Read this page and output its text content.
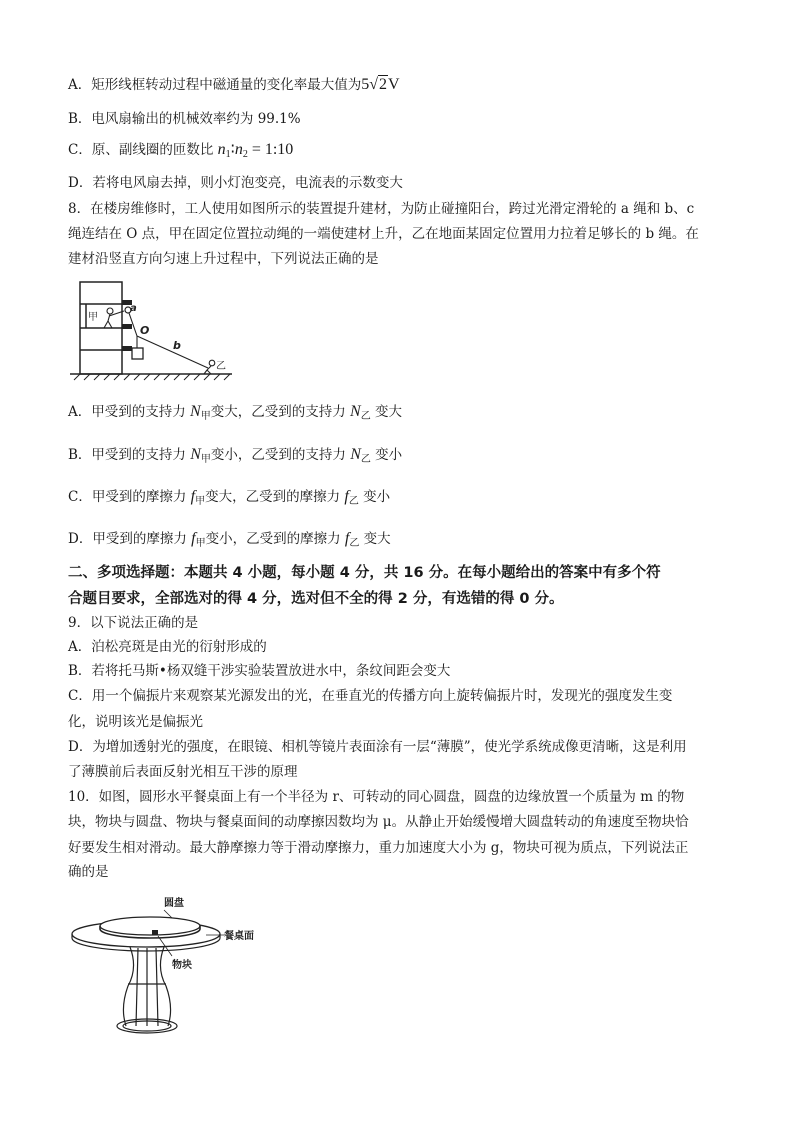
A．矩形线框转动过程中磁通量的变化率最大值为5√2V
B．电风扇输出的机械效率约为 99.1%
C．原、副线圈的匝数比 $n_1∶n_2$ = 1:10
D．若将电风扇去掉，则小灯泡变亮，电流表的示数变大
8．在楼房维修时，工人使用如图所示的装置提升建材，为防止碰撞阳台，跨过光滑定滑轮的 a 绳和 b、c
绳连结在 O 点，甲在固定位置拉动绳的一端使建材上升，乙在地面某固定位置用力拉着足够长的 b 绳。在
建材沿竖直方向匀速上升过程中，下列说法正确的是
甲
a
O
b
乙
A．甲受到的支持力 $N_甲$变大，乙受到的支持力 $N_乙$ 变大
B．甲受到的支持力 $N_甲$变小，乙受到的支持力 $N_乙$ 变小
C．甲受到的摩擦力 $f_甲$变大，乙受到的摩擦力 $f_乙$ 变小
D．甲受到的摩擦力 $f_甲$变小，乙受到的摩擦力 $f_乙$ 变大
二、多项选择题：本题共 4 小题，每小题 4 分，共 16 分。在每小题给出的答案中有多个符
合题目要求，全部选对的得 4 分，选对但不全的得 2 分，有选错的得 0 分。
9．以下说法正确的是
A．泊松亮斑是由光的衍射形成的
B．若将托马斯•杨双缝干涉实验装置放进水中，条纹间距会变大
C．用一个偏振片来观察某光源发出的光，在垂直光的传播方向上旋转偏振片时，发现光的强度发生变
化，说明该光是偏振光
D．为增加透射光的强度，在眼镜、相机等镜片表面涂有一层“薄膜”，使光学系统成像更清晰，这是利用
了薄膜前后表面反射光相互干涉的原理
10．如图，圆形水平餐桌面上有一个半径为 r、可转动的同心圆盘，圆盘的边缘放置一个质量为 m 的物
块，物块与圆盘、物块与餐桌面间的动摩擦因数均为 μ。从静止开始缓慢增大圆盘转动的角速度至物块恰
好要发生相对滑动。最大静摩擦力等于滑动摩擦力，重力加速度大小为 g，物块可视为质点，下列说法正
确的是
圆盘
餐桌面
物块
